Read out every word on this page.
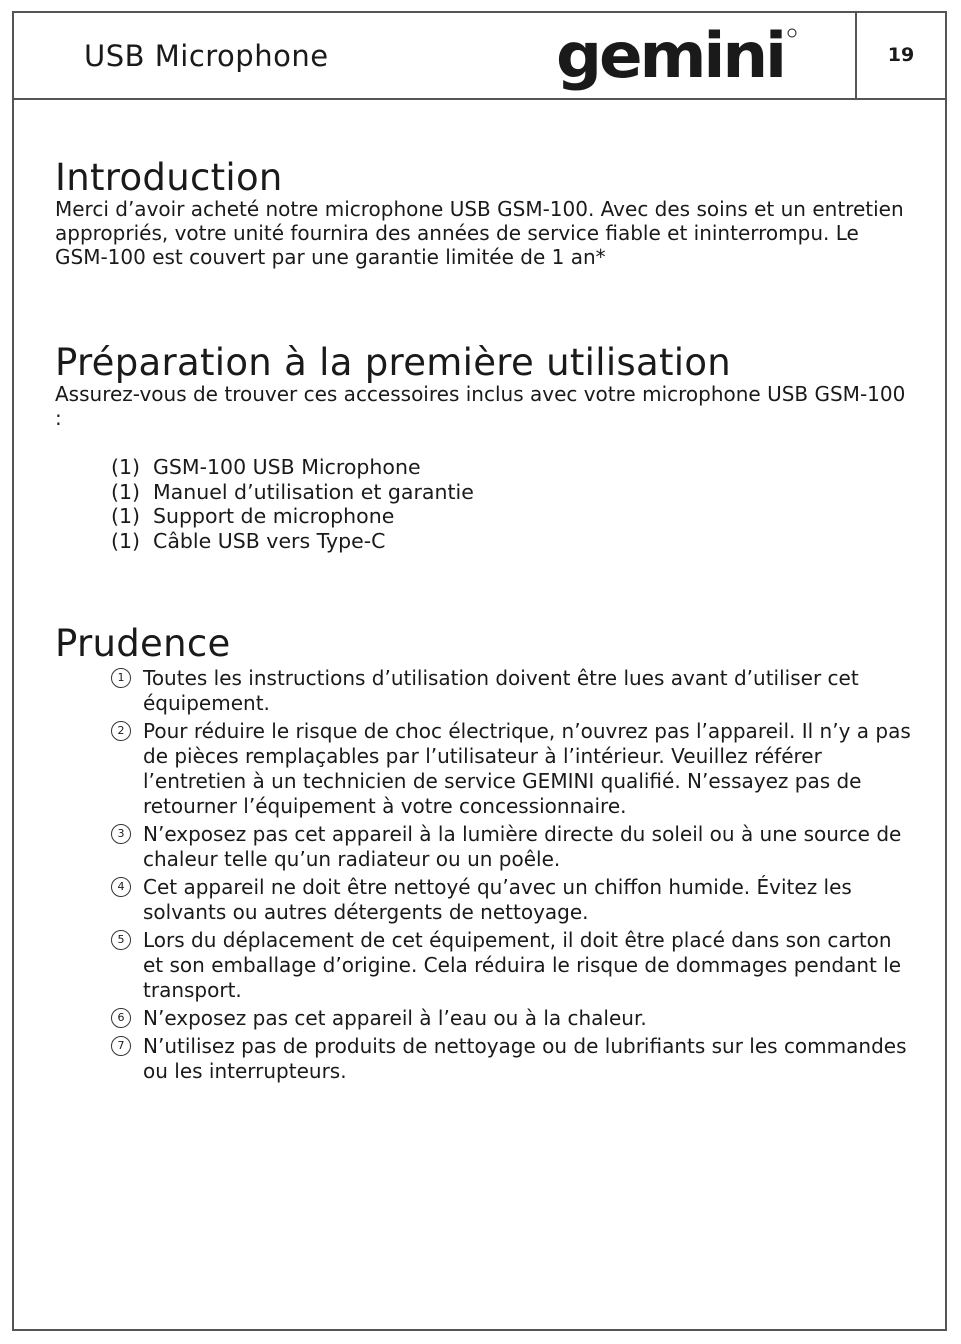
USB Microphone	gemini	19
Introduction

Merci d’avoir acheté notre microphone USB GSM-100. Avec des soins et un entretien appropriés, votre unité fournira des années de service fiable et ininterrompu. Le GSM-100 est couvert par une garantie limitée de 1 an*

Préparation à la première utilisation

Assurez-vous de trouver ces accessoires inclus avec votre microphone USB GSM-100 :

(1) GSM-100 USB Microphone
(1) Manuel d’utilisation et garantie
(1) Support de microphone
(1) Câble USB vers Type-C
Prudence
1 Toutes les instructions d’utilisation doivent être lues avant d’utiliser cet équipement.
2 Pour réduire le risque de choc électrique, n’ouvrez pas l’appareil. Il n’y a pas de pièces remplaçables par l’utilisateur à l’intérieur. Veuillez référer l’entretien à un technicien de service GEMINI qualifié. N’essayez pas de retourner l’équipement à votre concessionnaire.
3 N’exposez pas cet appareil à la lumière directe du soleil ou à une source de chaleur telle qu’un radiateur ou un poêle.
4 Cet appareil ne doit être nettoyé qu’avec un chiffon humide. Évitez les solvants ou autres détergents de nettoyage.
5 Lors du déplacement de cet équipement, il doit être placé dans son carton et son emballage d’origine. Cela réduira le risque de dommages pendant le transport.
6 N’exposez pas cet appareil à l’eau ou à la chaleur.
7 N’utilisez pas de produits de nettoyage ou de lubrifiants sur les commandes ou les interrupteurs.
